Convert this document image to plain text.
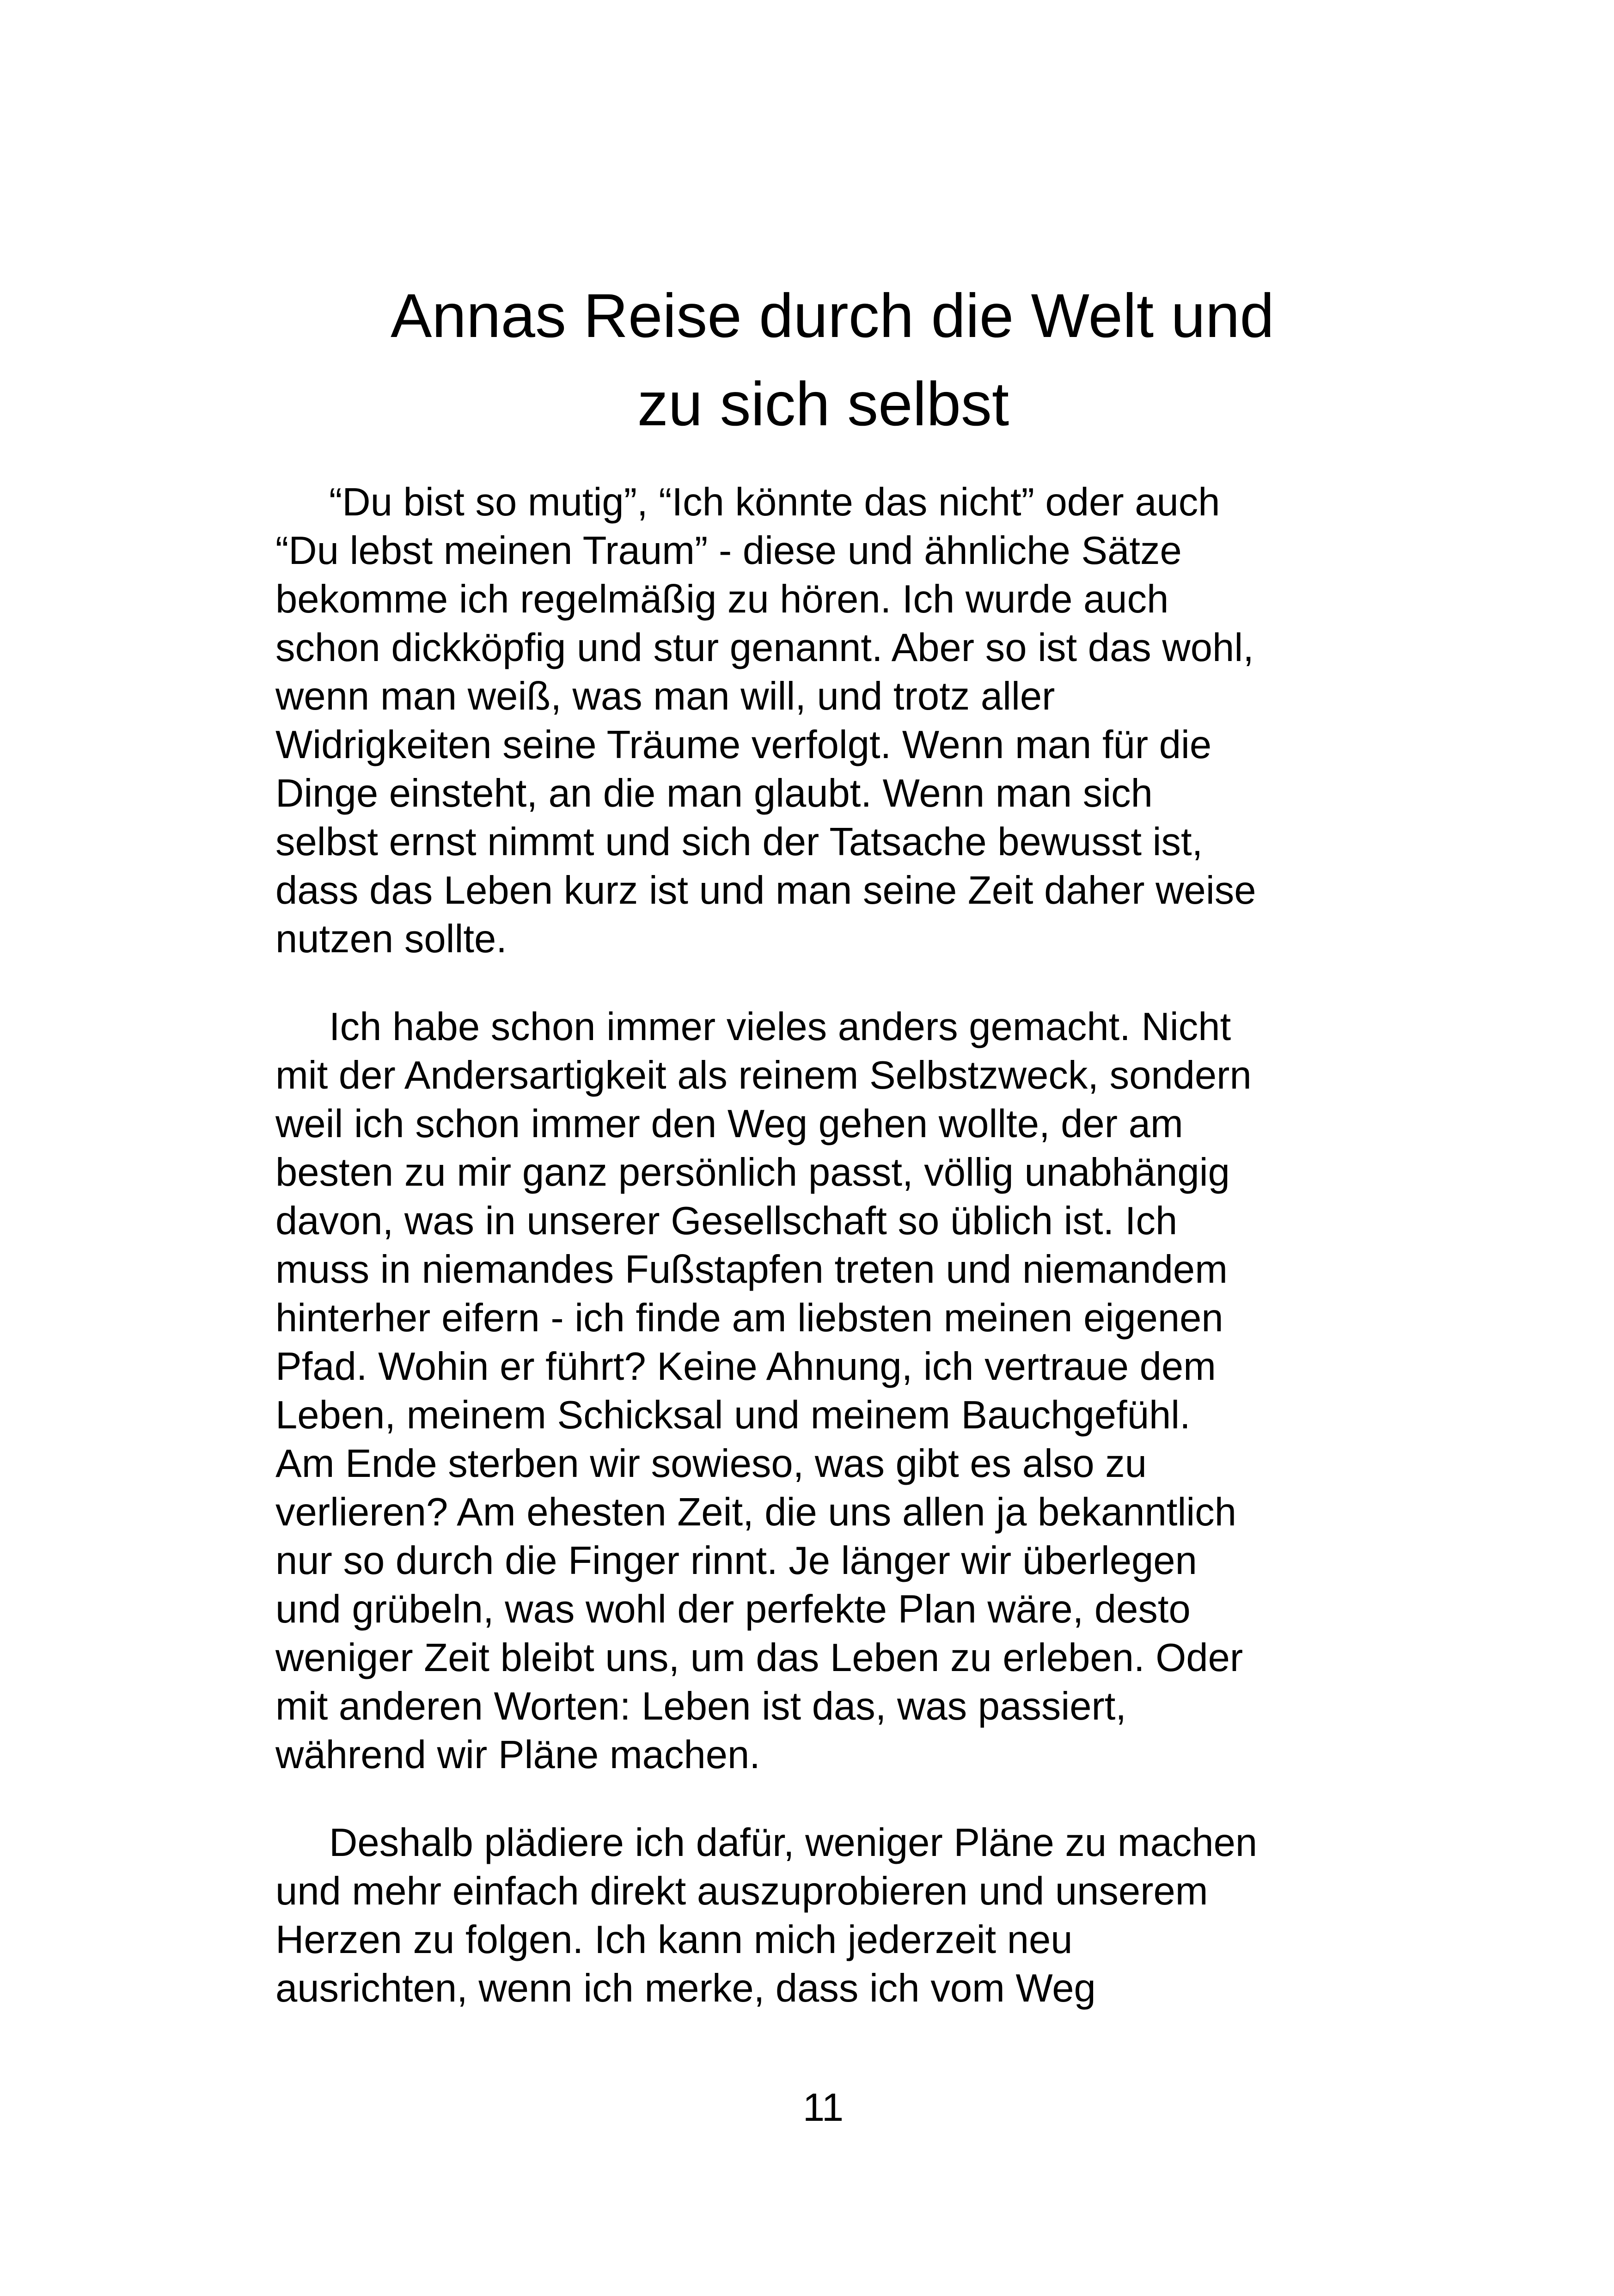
Annas Reise durch die Welt und
zu sich selbst

“Du bist so mutig”, “Ich könnte das nicht” oder auch

“Du lebst meinen Traum” - diese und ähnliche Sätze

bekomme ich regelmäßig zu hören. Ich wurde auch

schon dickköpfig und stur genannt. Aber so ist das wohl,

wenn man weiß, was man will, und trotz aller

Widrigkeiten seine Träume verfolgt. Wenn man für die

Dinge einsteht, an die man glaubt. Wenn man sich

selbst ernst nimmt und sich der Tatsache bewusst ist,

dass das Leben kurz ist und man seine Zeit daher weise

nutzen sollte.

Ich habe schon immer vieles anders gemacht. Nicht

mit der Andersartigkeit als reinem Selbstzweck, sondern

weil ich schon immer den Weg gehen wollte, der am

besten zu mir ganz persönlich passt, völlig unabhängig

davon, was in unserer Gesellschaft so üblich ist. Ich

muss in niemandes Fußstapfen treten und niemandem

hinterher eifern - ich finde am liebsten meinen eigenen

Pfad. Wohin er führt? Keine Ahnung, ich vertraue dem

Leben, meinem Schicksal und meinem Bauchgefühl.

Am Ende sterben wir sowieso, was gibt es also zu

verlieren? Am ehesten Zeit, die uns allen ja bekanntlich

nur so durch die Finger rinnt. Je länger wir überlegen

und grübeln, was wohl der perfekte Plan wäre, desto

weniger Zeit bleibt uns, um das Leben zu erleben. Oder

mit anderen Worten: Leben ist das, was passiert,

während wir Pläne machen.

Deshalb plädiere ich dafür, weniger Pläne zu machen

und mehr einfach direkt auszuprobieren und unserem

Herzen zu folgen. Ich kann mich jederzeit neu

ausrichten, wenn ich merke, dass ich vom Weg

11
